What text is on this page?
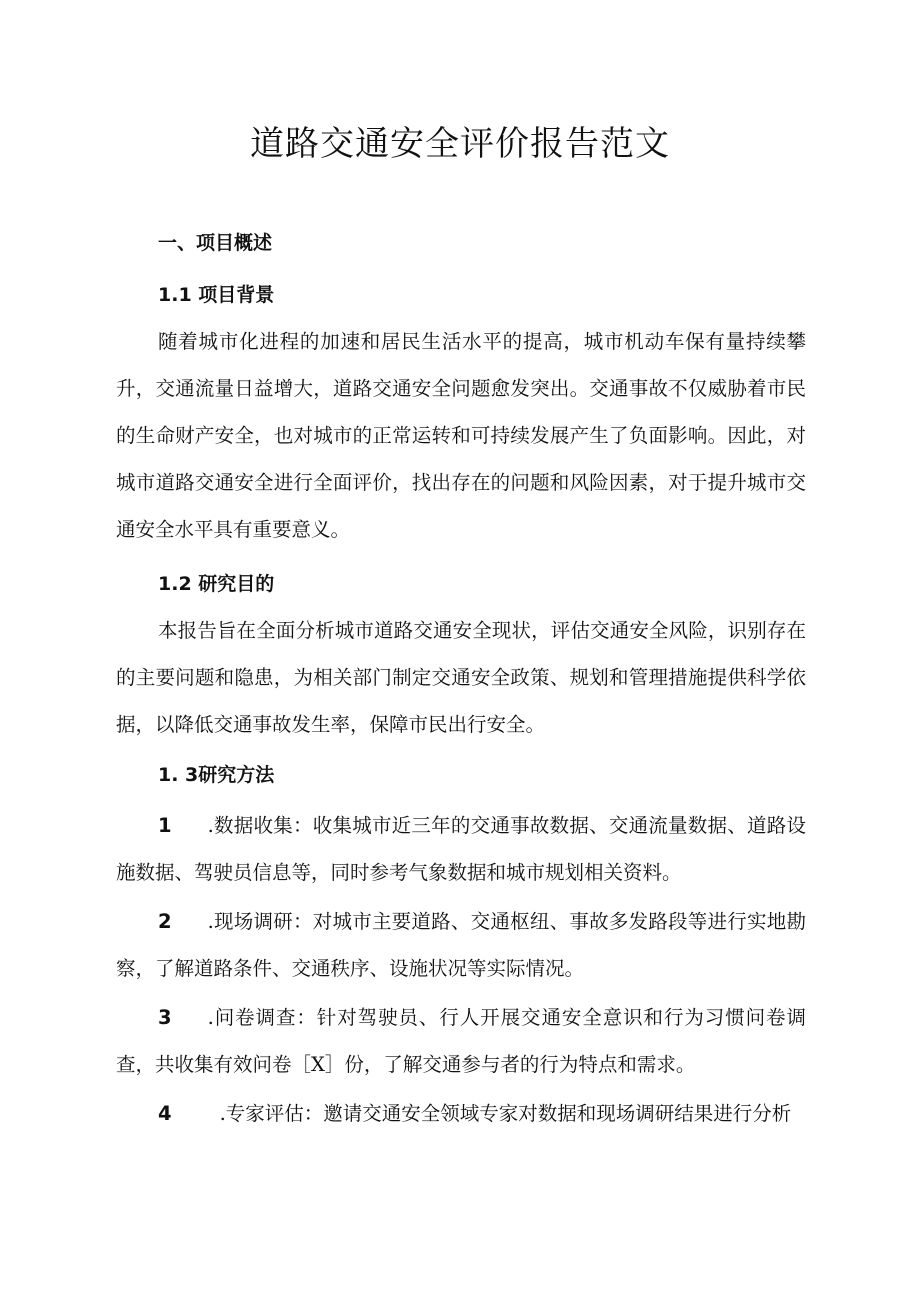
道路交通安全评价报告范文
一、项目概述
1.1 项目背景

随着城市化进程的加速和居民生活水平的提高，城市机动车保有量持续攀升，交通流量日益增大，道路交通安全问题愈发突出。交通事故不仅威胁着市民的生命财产安全，也对城市的正常运转和可持续发展产生了负面影响。因此，对城市道路交通安全进行全面评价，找出存在的问题和风险因素，对于提升城市交通安全水平具有重要意义。

1.2 研究目的

本报告旨在全面分析城市道路交通安全现状，评估交通安全风险，识别存在的主要问题和隐患，为相关部门制定交通安全政策、规划和管理措施提供科学依据，以降低交通事故发生率，保障市民出行安全。

1. 3研究方法

1 .数据收集：收集城市近三年的交通事故数据、交通流量数据、道路设施数据、驾驶员信息等，同时参考气象数据和城市规划相关资料。

2 .现场调研：对城市主要道路、交通枢纽、事故多发路段等进行实地勘察，了解道路条件、交通秩序、设施状况等实际情况。

3 .问卷调查：针对驾驶员、行人开展交通安全意识和行为习惯问卷调查，共收集有效问卷［X］份，了解交通参与者的行为特点和需求。

4 .专家评估：邀请交通安全领域专家对数据和现场调研结果进行分析
